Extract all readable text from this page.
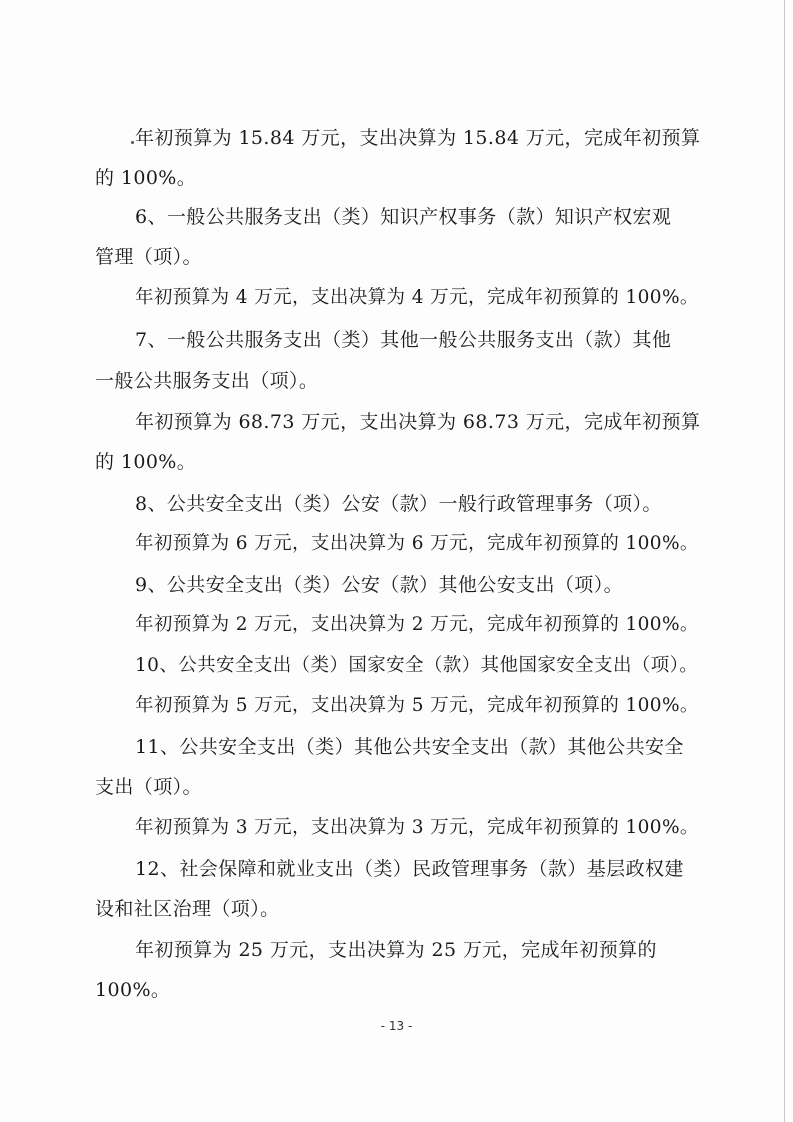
年初预算为 15.84 万元，支出决算为 15.84 万元，完成年初预算
的 100%。
6、一般公共服务支出（类）知识产权事务（款）知识产权宏观
管理（项）。
年初预算为 4 万元，支出决算为 4 万元，完成年初预算的 100%。
7、一般公共服务支出（类）其他一般公共服务支出（款）其他
一般公共服务支出（项）。
年初预算为 68.73 万元，支出决算为 68.73 万元，完成年初预算
的 100%。
8、公共安全支出（类）公安（款）一般行政管理事务（项）。
年初预算为 6 万元，支出决算为 6 万元，完成年初预算的 100%。
9、公共安全支出（类）公安（款）其他公安支出（项）。
年初预算为 2 万元，支出决算为 2 万元，完成年初预算的 100%。
10、公共安全支出（类）国家安全（款）其他国家安全支出（项）。
年初预算为 5 万元，支出决算为 5 万元，完成年初预算的 100%。
11、公共安全支出（类）其他公共安全支出（款）其他公共安全
支出（项）。
年初预算为 3 万元，支出决算为 3 万元，完成年初预算的 100%。
12、社会保障和就业支出（类）民政管理事务（款）基层政权建
设和社区治理（项）。
年初预算为 25 万元，支出决算为 25 万元，完成年初预算的
100%。
- 13 -
